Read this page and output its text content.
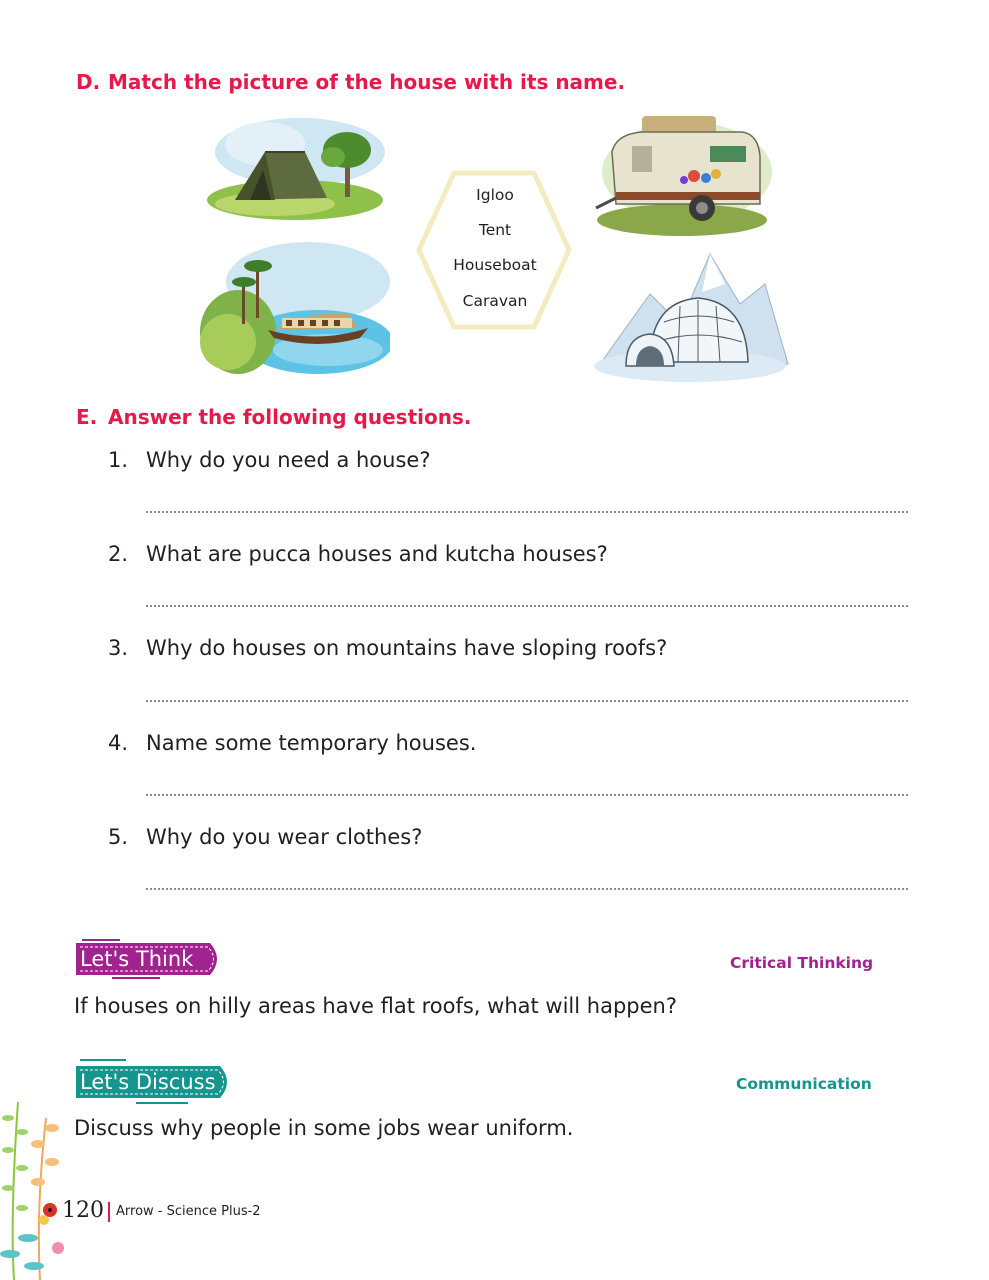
D. Match the picture of the house with its name.
Igloo
Tent
Houseboat
Caravan
E. Answer the following questions.
1. Why do you need a house?
2. What are pucca houses and kutcha houses?
3. Why do houses on mountains have sloping roofs?
4. Name some temporary houses.
5. Why do you wear clothes?
Let's Think	Critical Thinking
If houses on hilly areas have flat roofs, what will happen?
Let's Discuss	Communication
Discuss why people in some jobs wear uniform.
120 Arrow - Science Plus-2
